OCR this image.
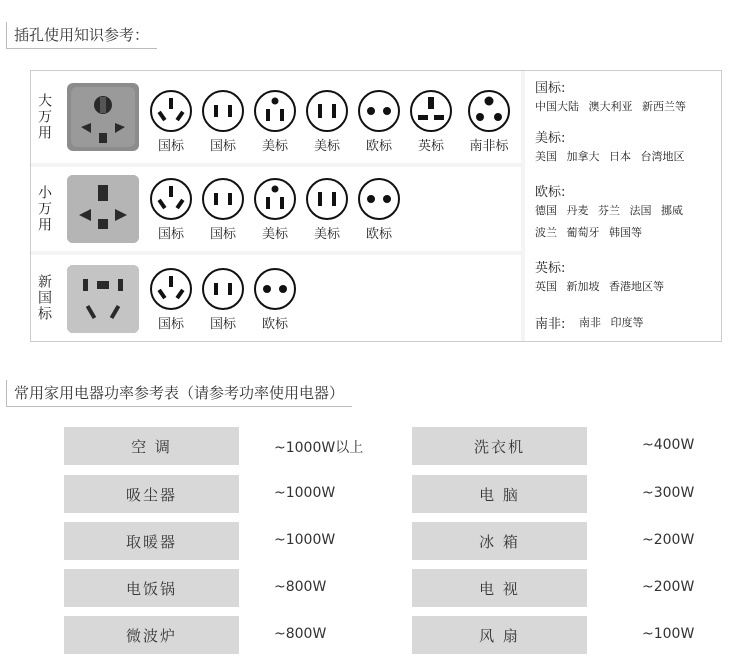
插孔使用知识参考：
大万用
国标	国标	美标	美标	欧标	英标	南非标
小万用
国标	国标	美标	美标	欧标
新国标
国标	国标	欧标
国标:
中国大陆 澳大利亚 新西兰等
美标:
美国 加拿大 日本 台湾地区
欧标:
德国 丹麦 芬兰 法国 挪威
波兰 葡萄牙 韩国等
英标:
英国 新加坡 香港地区等
南非: 南非 印度等
常用家用电器功率参考表（请参考功率使用电器）
空 调	~1000W以上
吸尘器	~1000W
取暖器	~1000W
电饭锅	~800W
微波炉	~800W
洗衣机	~400W
电 脑	~300W
冰 箱	~200W
电 视	~200W
风 扇	~100W
